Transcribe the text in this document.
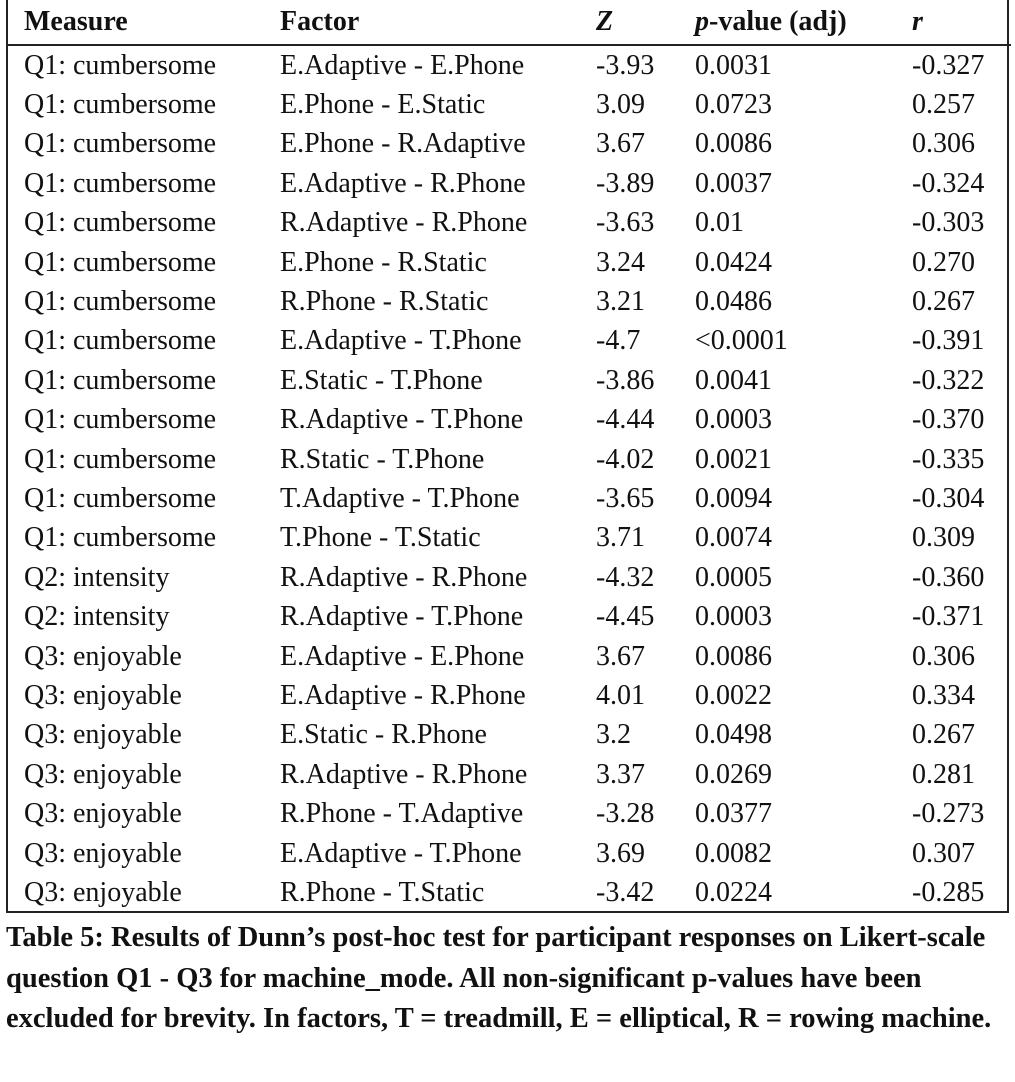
Measure	Factor	Z	p-value (adj)	r
Q1: cumbersome	E.Adaptive - E.Phone	-3.93	0.0031	-0.327
Q1: cumbersome	E.Phone - E.Static	3.09	0.0723	0.257
Q1: cumbersome	E.Phone - R.Adaptive	3.67	0.0086	0.306
Q1: cumbersome	E.Adaptive - R.Phone	-3.89	0.0037	-0.324
Q1: cumbersome	R.Adaptive - R.Phone	-3.63	0.01	-0.303
Q1: cumbersome	E.Phone - R.Static	3.24	0.0424	0.270
Q1: cumbersome	R.Phone - R.Static	3.21	0.0486	0.267
Q1: cumbersome	E.Adaptive - T.Phone	-4.7	<0.0001	-0.391
Q1: cumbersome	E.Static - T.Phone	-3.86	0.0041	-0.322
Q1: cumbersome	R.Adaptive - T.Phone	-4.44	0.0003	-0.370
Q1: cumbersome	R.Static - T.Phone	-4.02	0.0021	-0.335
Q1: cumbersome	T.Adaptive - T.Phone	-3.65	0.0094	-0.304
Q1: cumbersome	T.Phone - T.Static	3.71	0.0074	0.309
Q2: intensity	R.Adaptive - R.Phone	-4.32	0.0005	-0.360
Q2: intensity	R.Adaptive - T.Phone	-4.45	0.0003	-0.371
Q3: enjoyable	E.Adaptive - E.Phone	3.67	0.0086	0.306
Q3: enjoyable	E.Adaptive - R.Phone	4.01	0.0022	0.334
Q3: enjoyable	E.Static - R.Phone	3.2	0.0498	0.267
Q3: enjoyable	R.Adaptive - R.Phone	3.37	0.0269	0.281
Q3: enjoyable	R.Phone - T.Adaptive	-3.28	0.0377	-0.273
Q3: enjoyable	E.Adaptive - T.Phone	3.69	0.0082	0.307
Q3: enjoyable	R.Phone - T.Static	-3.42	0.0224	-0.285

Table 5: Results of Dunn’s post-hoc test for participant responses on Likert-scale question Q1 - Q3 for machine_mode. All non-significant p-values have been excluded for brevity. In factors, T = treadmill, E = elliptical, R = rowing machine.
